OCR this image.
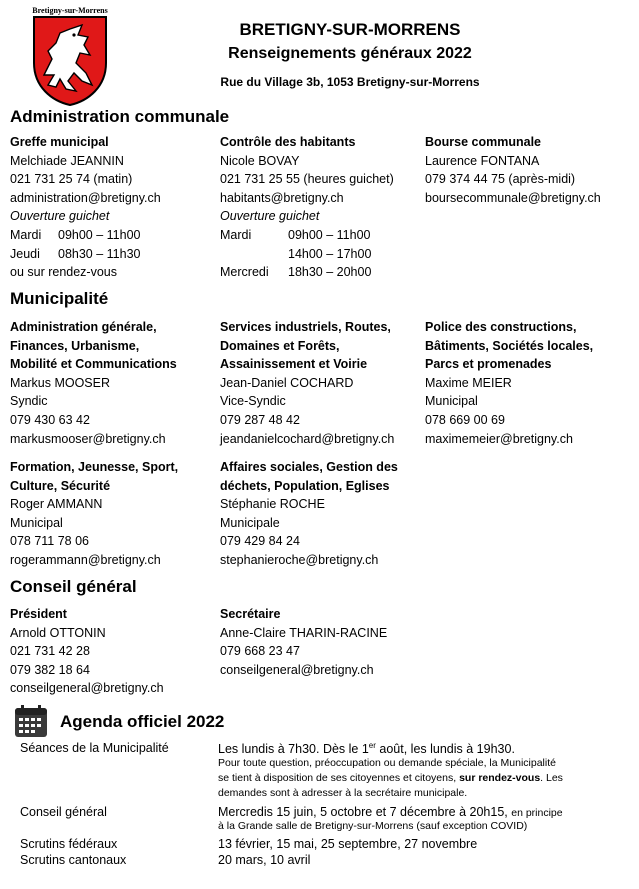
Bretigny-sur-Morrens
BRETIGNY-SUR-MORRENS
Renseignements généraux 2022
Rue du Village 3b, 1053 Bretigny-sur-Morrens
Administration communale
Greffe municipal
Melchiade JEANNIN
021 731 25 74 (matin)
administration@bretigny.ch
Ouverture guichet
Mardi	09h00 – 11h00
Jeudi	08h30 – 11h30
ou sur rendez-vous
Contrôle des habitants
Nicole BOVAY
021 731 25 55 (heures guichet)
habitants@bretigny.ch
Ouverture guichet
Mardi	09h00 – 11h00
14h00 – 17h00
Mercredi	18h30 – 20h00
Bourse communale
Laurence FONTANA
079 374 44 75 (après-midi)
boursecommunale@bretigny.ch
Municipalité
Administration générale,
Finances, Urbanisme,
Mobilité et Communications
Markus MOOSER
Syndic
079 430 63 42
markusmooser@bretigny.ch
Services industriels, Routes,
Domaines et Forêts,
Assainissement et Voirie
Jean-Daniel COCHARD
Vice-Syndic
079 287 48 42
jeandanielcochard@bretigny.ch
Police des constructions,
Bâtiments, Sociétés locales,
Parcs et promenades
Maxime MEIER
Municipal
078 669 00 69
maximemeier@bretigny.ch
Formation, Jeunesse, Sport,
Culture, Sécurité
Roger AMMANN
Municipal
078 711 78 06
rogerammann@bretigny.ch
Affaires sociales, Gestion des
déchets, Population, Eglises
Stéphanie ROCHE
Municipale
079 429 84 24
stephanieroche@bretigny.ch
Conseil général
Président
Arnold OTTONIN
021 731 42 28
079 382 18 64
conseilgeneral@bretigny.ch
Secrétaire
Anne-Claire THARIN-RACINE
079 668 23 47
conseilgeneral@bretigny.ch
Agenda officiel 2022
Séances de la Municipalité	Les lundis à 7h30. Dès le 1er août, les lundis à 19h30.
Pour toute question, préoccupation ou demande spéciale, la Municipalité
se tient à disposition de ses citoyennes et citoyens, sur rendez-vous. Les
demandes sont à adresser à la secrétaire municipale.
Conseil général	Mercredis 15 juin, 5 octobre et 7 décembre à 20h15, en principe
à la Grande salle de Bretigny-sur-Morrens (sauf exception COVID)
Scrutins fédéraux	13 février, 15 mai, 25 septembre, 27 novembre
Scrutins cantonaux	20 mars, 10 avril
